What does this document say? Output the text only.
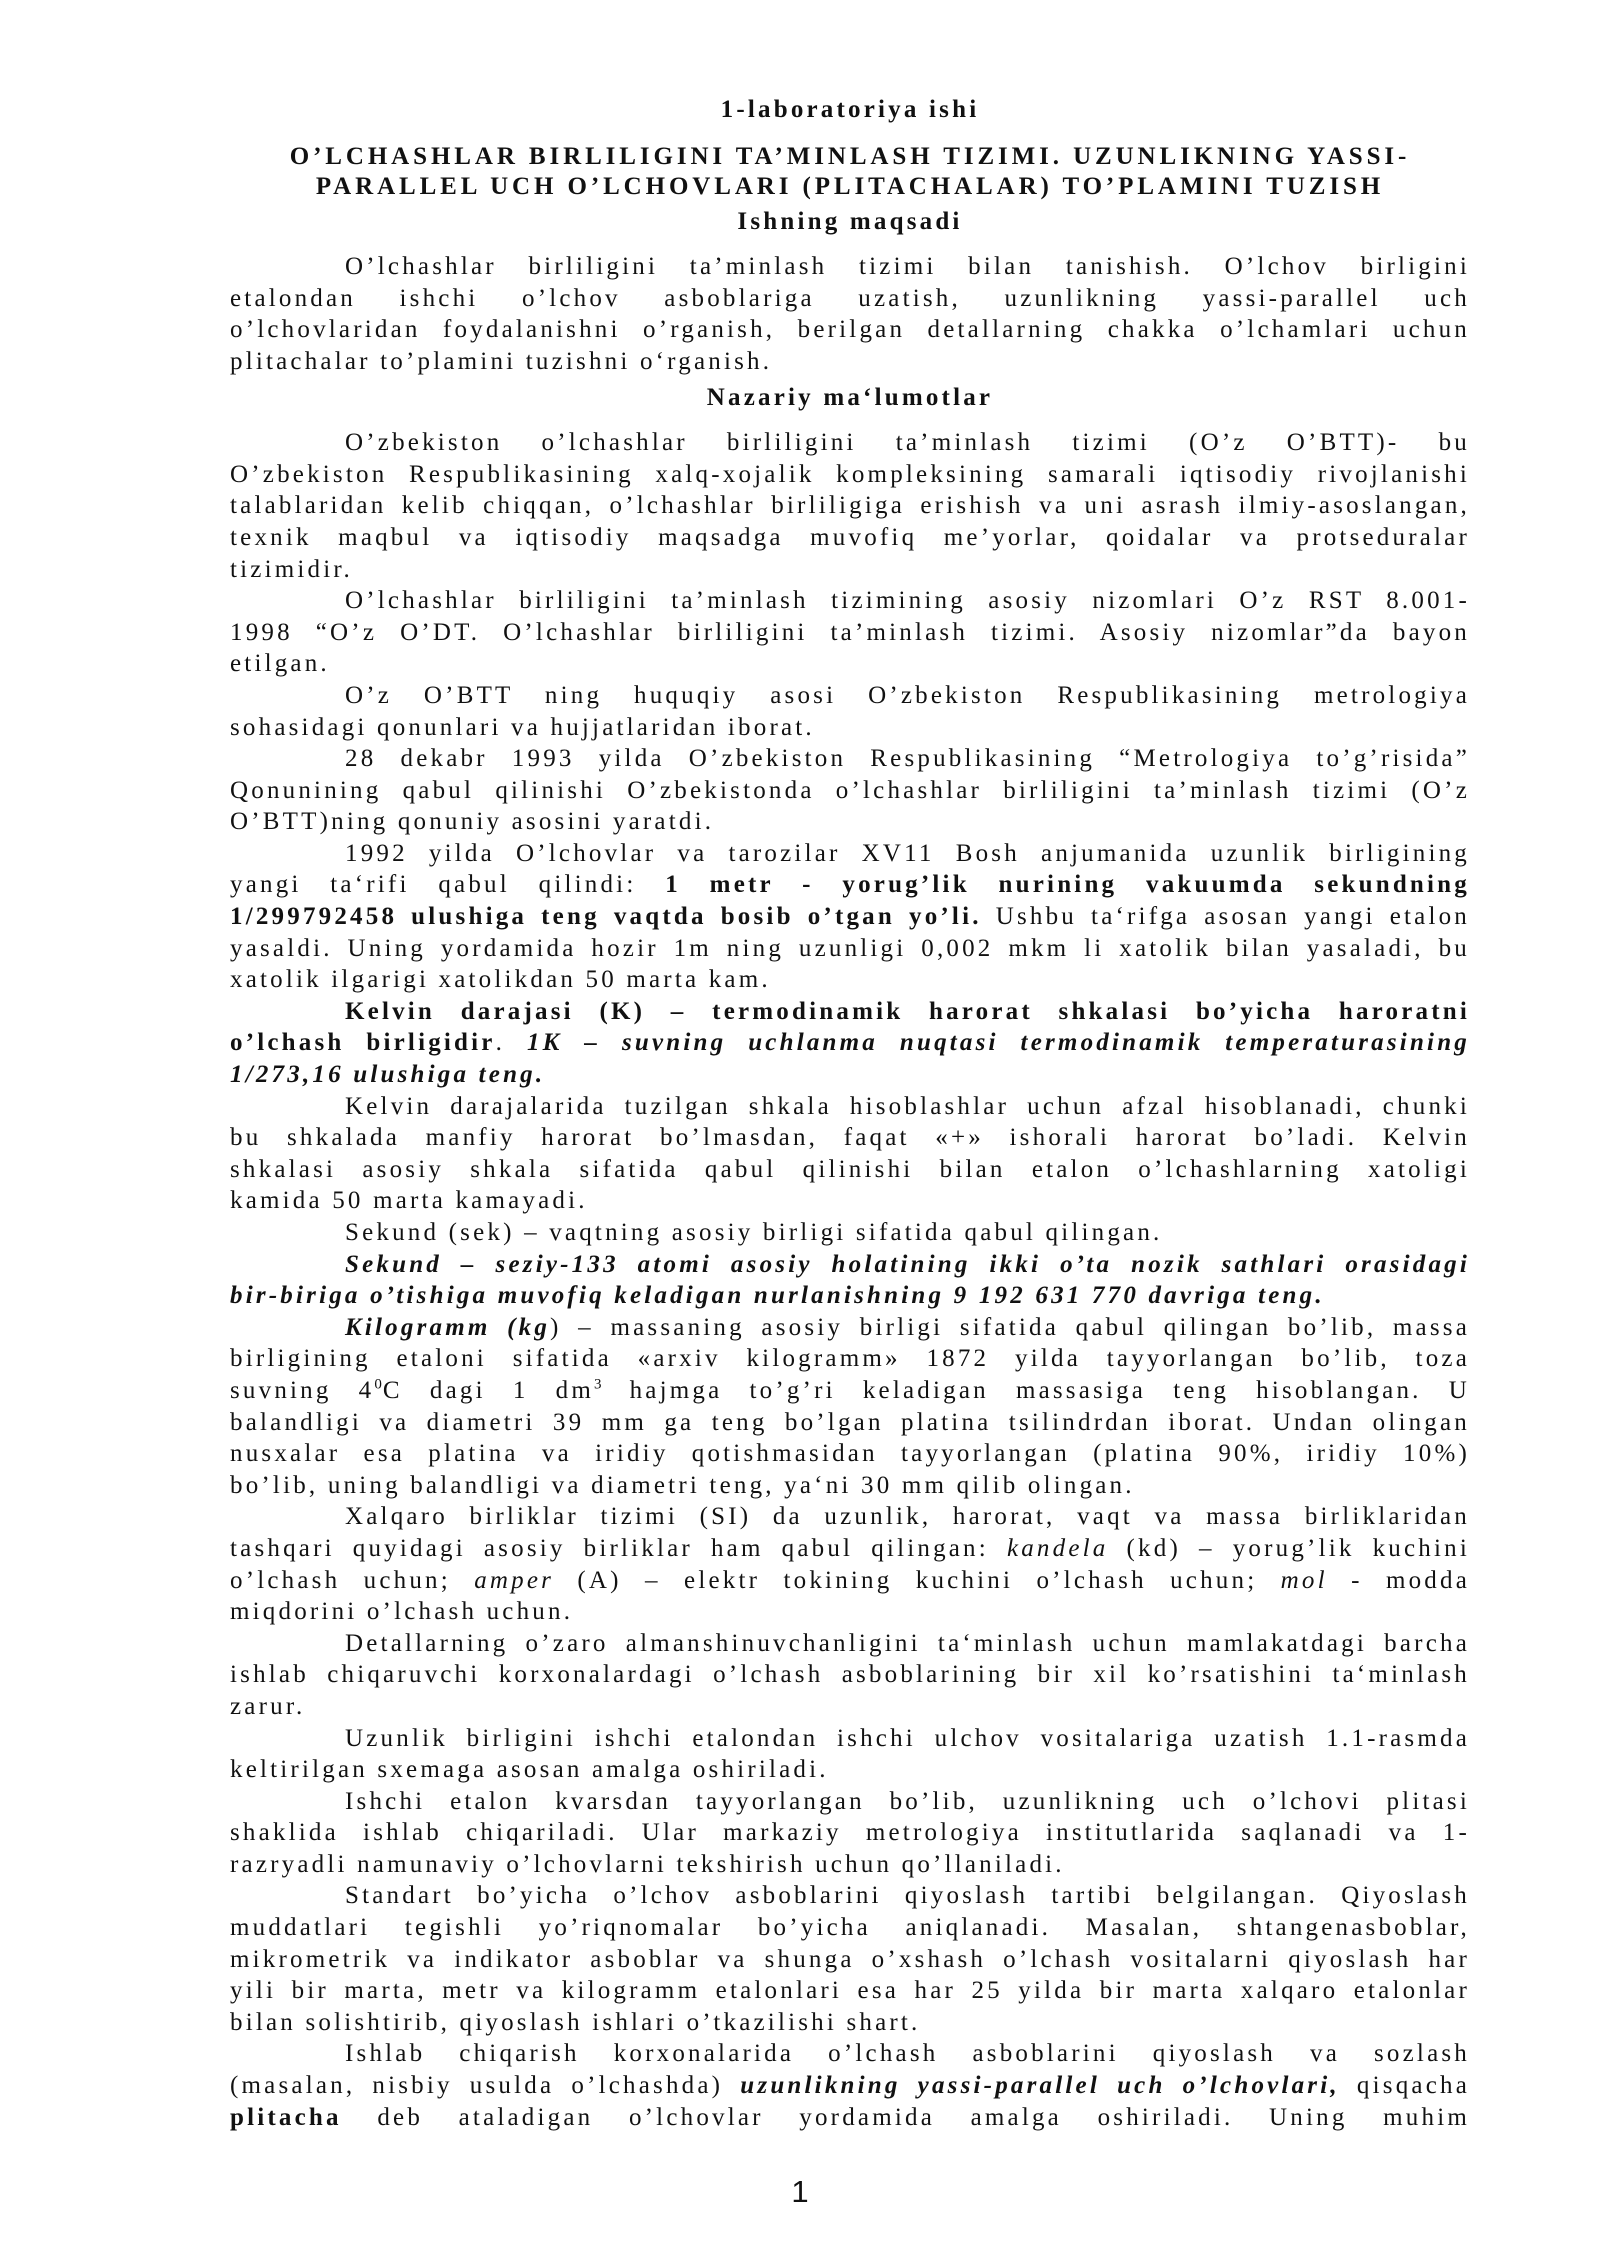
1-laboratoriya ishi
O’LCHASHLAR BIRLILIGINI TA’MINLASH TIZIMI. UZUNLIKNING YASSI-
PARALLEL UCH O’LCHOVLARI (PLITACHALAR) TO’PLAMINI TUZISH
Ishning maqsadi
O’lchashlar birliligini ta’minlash tizimi bilan tanishish. O’lchov birligini
etalondan ishchi o’lchov asboblariga uzatish, uzunlikning yassi-parallel uch
o’lchovlaridan foydalanishni o’rganish, berilgan detallarning chakka o’lchamlari uchun
plitachalar to’plamini tuzishni o‘rganish.
Nazariy ma‘lumotlar
O’zbekiston o’lchashlar birliligini ta’minlash tizimi (O’z O’BTT)- bu
O’zbekiston Respublikasining xalq-xojalik kompleksining samarali iqtisodiy rivojlanishi
talablaridan kelib chiqqan, o’lchashlar birliligiga erishish va uni asrash ilmiy-asoslangan,
texnik maqbul va iqtisodiy maqsadga muvofiq me’yorlar, qoidalar va protseduralar
tizimidir.
O’lchashlar birliligini ta’minlash tizimining asosiy nizomlari O’z RST 8.001-
1998 “O’z O’DT. O’lchashlar birliligini ta’minlash tizimi. Asosiy nizomlar”da bayon
etilgan.
O’z O’BTT ning huquqiy asosi O’zbekiston Respublikasining metrologiya
sohasidagi qonunlari va hujjatlaridan iborat.
28 dekabr 1993 yilda O’zbekiston Respublikasining “Metrologiya to’g’risida”
Qonunining qabul qilinishi O’zbekistonda o’lchashlar birliligini ta’minlash tizimi (O’z
O’BTT)ning qonuniy asosini yaratdi.
1992 yilda O’lchovlar va tarozilar XV11 Bosh anjumanida uzunlik birligining
yangi ta‘rifi qabul qilindi: 1 metr - yorug’lik nurining vakuumda sekundning
1/299792458 ulushiga teng vaqtda bosib o’tgan yo’li. Ushbu ta‘rifga asosan yangi etalon
yasaldi. Uning yordamida hozir 1m ning uzunligi 0,002 mkm li xatolik bilan yasaladi, bu
xatolik ilgarigi xatolikdan 50 marta kam.
Kelvin darajasi (K) – termodinamik harorat shkalasi bo’yicha haroratni
o’lchash birligidir. 1K – suvning uchlanma nuqtasi termodinamik temperaturasining
1/273,16 ulushiga teng.
Kelvin darajalarida tuzilgan shkala hisoblashlar uchun afzal hisoblanadi, chunki
bu shkalada manfiy harorat bo’lmasdan, faqat «+» ishorali harorat bo’ladi. Kelvin
shkalasi asosiy shkala sifatida qabul qilinishi bilan etalon o’lchashlarning xatoligi
kamida 50 marta kamayadi.
Sekund (sek) – vaqtning asosiy birligi sifatida qabul qilingan.
Sekund – seziy-133 atomi asosiy holatining ikki o’ta nozik sathlari orasidagi
bir-biriga o’tishiga muvofiq keladigan nurlanishning 9 192 631 770 davriga teng.
Kilogramm (kg) – massaning asosiy birligi sifatida qabul qilingan bo’lib, massa
birligining etaloni sifatida «arxiv kilogramm» 1872 yilda tayyorlangan bo’lib, toza
suvning $4^0C$ dagi 1 $dm^3$ hajmga to’g’ri keladigan massasiga teng hisoblangan. U
balandligi va diametri 39 mm ga teng bo’lgan platina tsilindrdan iborat. Undan olingan
nusxalar esa platina va iridiy qotishmasidan tayyorlangan (platina 90%, iridiy 10%)
bo’lib, uning balandligi va diametri teng, ya‘ni 30 mm qilib olingan.
Xalqaro birliklar tizimi (SI) da uzunlik, harorat, vaqt va massa birliklaridan
tashqari quyidagi asosiy birliklar ham qabul qilingan: kandela (kd) – yorug’lik kuchini
o’lchash uchun; amper (A) – elektr tokining kuchini o’lchash uchun; mol - modda
miqdorini o’lchash uchun.
Detallarning o’zaro almanshinuvchanligini ta‘minlash uchun mamlakatdagi barcha
ishlab chiqaruvchi korxonalardagi o’lchash asboblarining bir xil ko’rsatishini ta‘minlash
zarur.
Uzunlik birligini ishchi etalondan ishchi ulchov vositalariga uzatish 1.1-rasmda
keltirilgan sxemaga asosan amalga oshiriladi.
Ishchi etalon kvarsdan tayyorlangan bo’lib, uzunlikning uch o’lchovi plitasi
shaklida ishlab chiqariladi. Ular markaziy metrologiya institutlarida saqlanadi va 1-
razryadli namunaviy o’lchovlarni tekshirish uchun qo’llaniladi.
Standart bo’yicha o’lchov asboblarini qiyoslash tartibi belgilangan. Qiyoslash
muddatlari tegishli yo’riqnomalar bo’yicha aniqlanadi. Masalan, shtangenasboblar,
mikrometrik va indikator asboblar va shunga o’xshash o’lchash vositalarni qiyoslash har
yili bir marta, metr va kilogramm etalonlari esa har 25 yilda bir marta xalqaro etalonlar
bilan solishtirib, qiyoslash ishlari o’tkazilishi shart.
Ishlab chiqarish korxonalarida o’lchash asboblarini qiyoslash va sozlash
(masalan, nisbiy usulda o’lchashda) uzunlikning yassi-parallel uch o’lchovlari, qisqacha
plitacha deb ataladigan o’lchovlar yordamida amalga oshiriladi. Uning muhim
1
